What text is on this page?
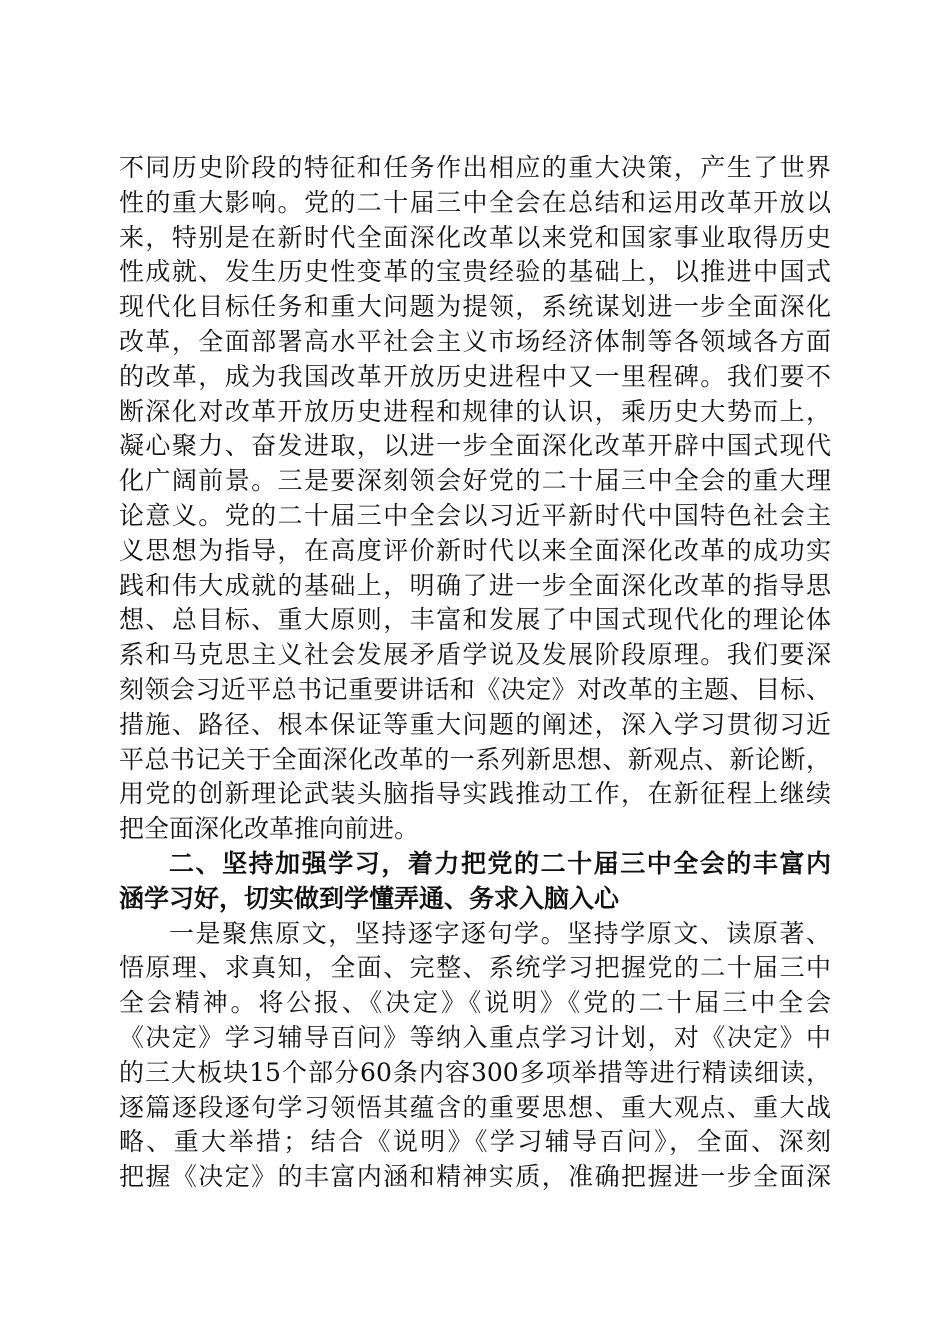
不同历史阶段的特征和任务作出相应的重大决策，产生了世界
性的重大影响。党的二十届三中全会在总结和运用改革开放以
来，特别是在新时代全面深化改革以来党和国家事业取得历史
性成就、发生历史性变革的宝贵经验的基础上，以推进中国式
现代化目标任务和重大问题为提领，系统谋划进一步全面深化
改革，全面部署高水平社会主义市场经济体制等各领域各方面
的改革，成为我国改革开放历史进程中又一里程碑。我们要不
断深化对改革开放历史进程和规律的认识，乘历史大势而上，
凝心聚力、奋发进取，以进一步全面深化改革开辟中国式现代
化广阔前景。三是要深刻领会好党的二十届三中全会的重大理
论意义。党的二十届三中全会以习近平新时代中国特色社会主
义思想为指导，在高度评价新时代以来全面深化改革的成功实
践和伟大成就的基础上，明确了进一步全面深化改革的指导思
想、总目标、重大原则，丰富和发展了中国式现代化的理论体
系和马克思主义社会发展矛盾学说及发展阶段原理。我们要深
刻领会习近平总书记重要讲话和《决定》对改革的主题、目标、
措施、路径、根本保证等重大问题的阐述，深入学习贯彻习近
平总书记关于全面深化改革的一系列新思想、新观点、新论断，
用党的创新理论武装头脑指导实践推动工作，在新征程上继续
把全面深化改革推向前进。
二、坚持加强学习，着力把党的二十届三中全会的丰富内
涵学习好，切实做到学懂弄通、务求入脑入心
一是聚焦原文，坚持逐字逐句学。坚持学原文、读原著、
悟原理、求真知，全面、完整、系统学习把握党的二十届三中
全会精神。将公报、《决定》《说明》《党的二十届三中全会
《决定》学习辅导百问》等纳入重点学习计划，对《决定》中
的三大板块15个部分60条内容300多项举措等进行精读细读，
逐篇逐段逐句学习领悟其蕴含的重要思想、重大观点、重大战
略、重大举措；结合《说明》《学习辅导百问》，全面、深刻
把握《决定》的丰富内涵和精神实质，准确把握进一步全面深
